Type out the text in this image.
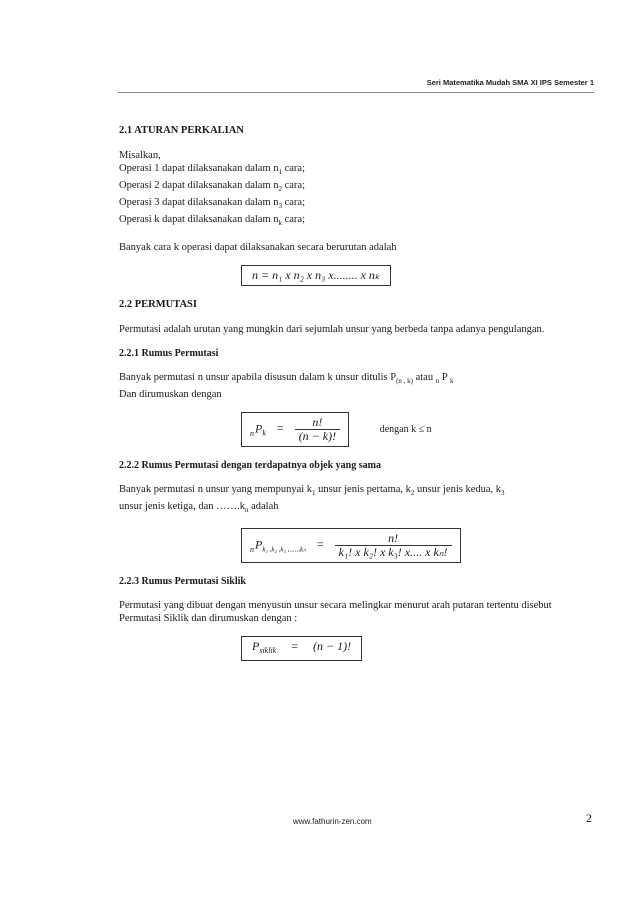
Seri Matematika Mudah SMA XI IPS Semester 1
2.1 ATURAN PERKALIAN

Misalkan,

Operasi 1 dapat dilaksanakan dalam $n_1$ cara;

Operasi 2 dapat dilaksanakan dalam $n_2$ cara;

Operasi 3 dapat dilaksanakan dalam $n_3$ cara;

Operasi k dapat dilaksanakan dalam $n_k$ cara;

Banyak cara k operasi dapat dilaksanakan secara berurutan adalah

n = n₁ x n₂ x n₃ x........ x nₖ
2.2 PERMUTASI

Permutasi adalah urutan yang mungkin dari sejumlah unsur yang berbeda tanpa adanya pengulangan.

2.2.1 Rumus Permutasi

Banyak permutasi n unsur apabila disusun dalam k unsur ditulis $P_{(n , k)}$ atau $_n$ P $_k$

Dan dirumuskan dengan

$_nP_k = \frac{n!}{(n - k)!}$	dengan k ≤ n
2.2.2 Rumus Permutasi dengan terdapatnya objek yang sama

Banyak permutasi n unsur yang mempunyai $k_1$ unsur jenis pertama, $k_2$ unsur jenis kedua, $k_3$

unsur jenis ketiga, dan $\dots\dots.k_n$ adalah

$_nP_{k_1 ,k_2 ,k_3 ,.....,k_n} = \frac{n!}{\text{k₁! x k₂! x k₃! x.... x kₙ!}}$
2.2.3 Rumus Permutasi Siklik

Permutasi yang dibuat dengan menyusun unsur secara melingkar menurut arah putaran tertentu disebut Permutasi Siklik dan dirumuskan dengan :

$P_{siklik} = (n - 1)$!
www.fathurin-zen.com	2
